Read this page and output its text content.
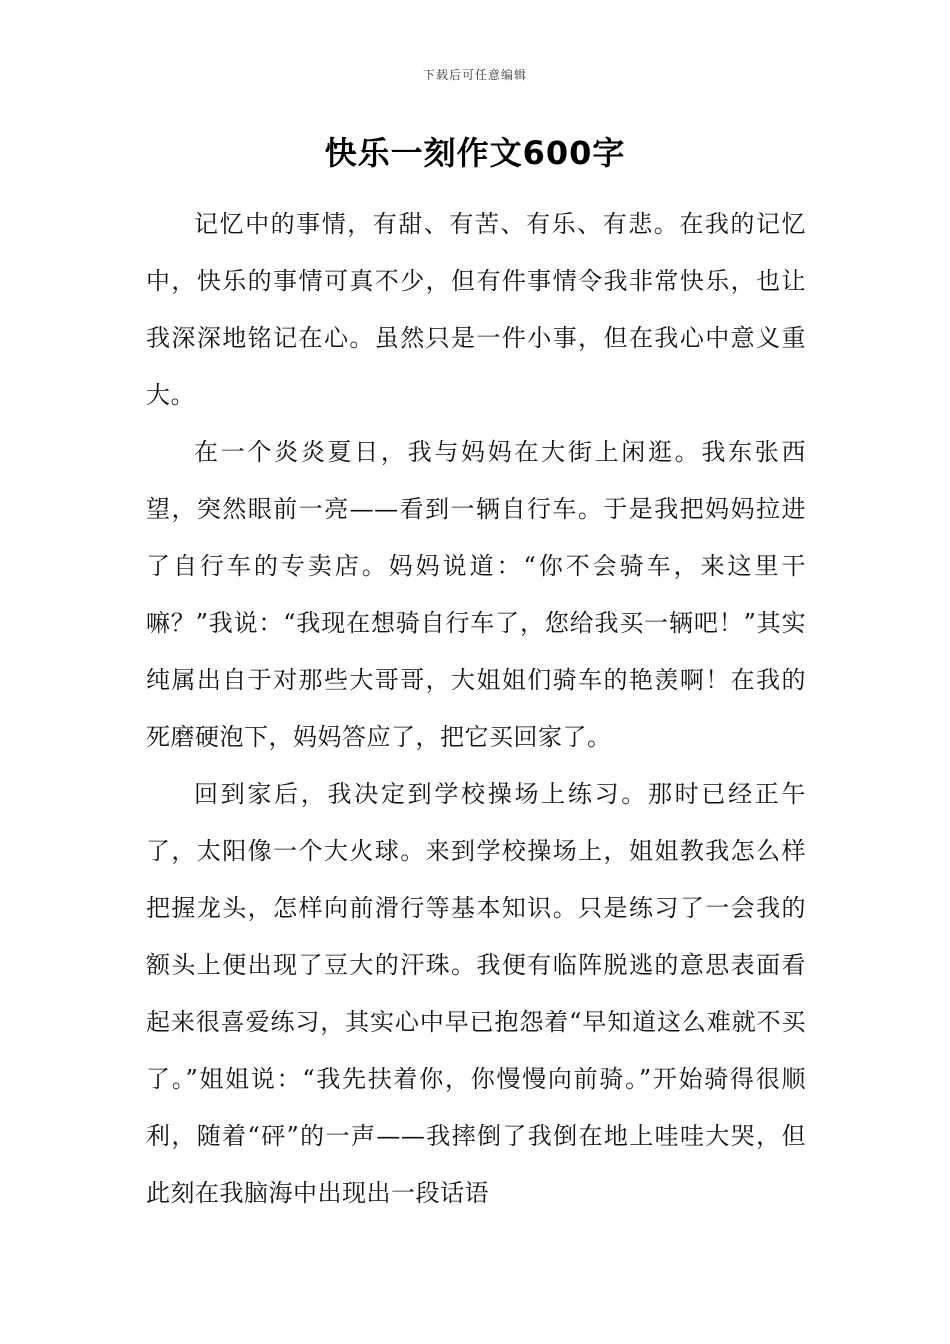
下载后可任意编辑
快乐一刻作文600字

记忆中的事情，有甜、有苦、有乐、有悲。在我的记忆中，快乐的事情可真不少，但有件事情令我非常快乐，也让我深深地铭记在心。虽然只是一件小事，但在我心中意义重大。

在一个炎炎夏日，我与妈妈在大街上闲逛。我东张西望，突然眼前一亮——看到一辆自行车。于是我把妈妈拉进了自行车的专卖店。妈妈说道：“你不会骑车，来这里干嘛？”我说：“我现在想骑自行车了，您给我买一辆吧！”其实纯属出自于对那些大哥哥，大姐姐们骑车的艳羡啊！在我的死磨硬泡下，妈妈答应了，把它买回家了。

回到家后，我决定到学校操场上练习。那时已经正午了，太阳像一个大火球。来到学校操场上，姐姐教我怎么样把握龙头，怎样向前滑行等基本知识。只是练习了一会我的额头上便出现了豆大的汗珠。我便有临阵脱逃的意思表面看起来很喜爱练习，其实心中早已抱怨着“早知道这么难就不买了。”姐姐说：“我先扶着你，你慢慢向前骑。”开始骑得很顺利，随着“砰”的一声——我摔倒了我倒在地上哇哇大哭，但此刻在我脑海中出现出一段话语
